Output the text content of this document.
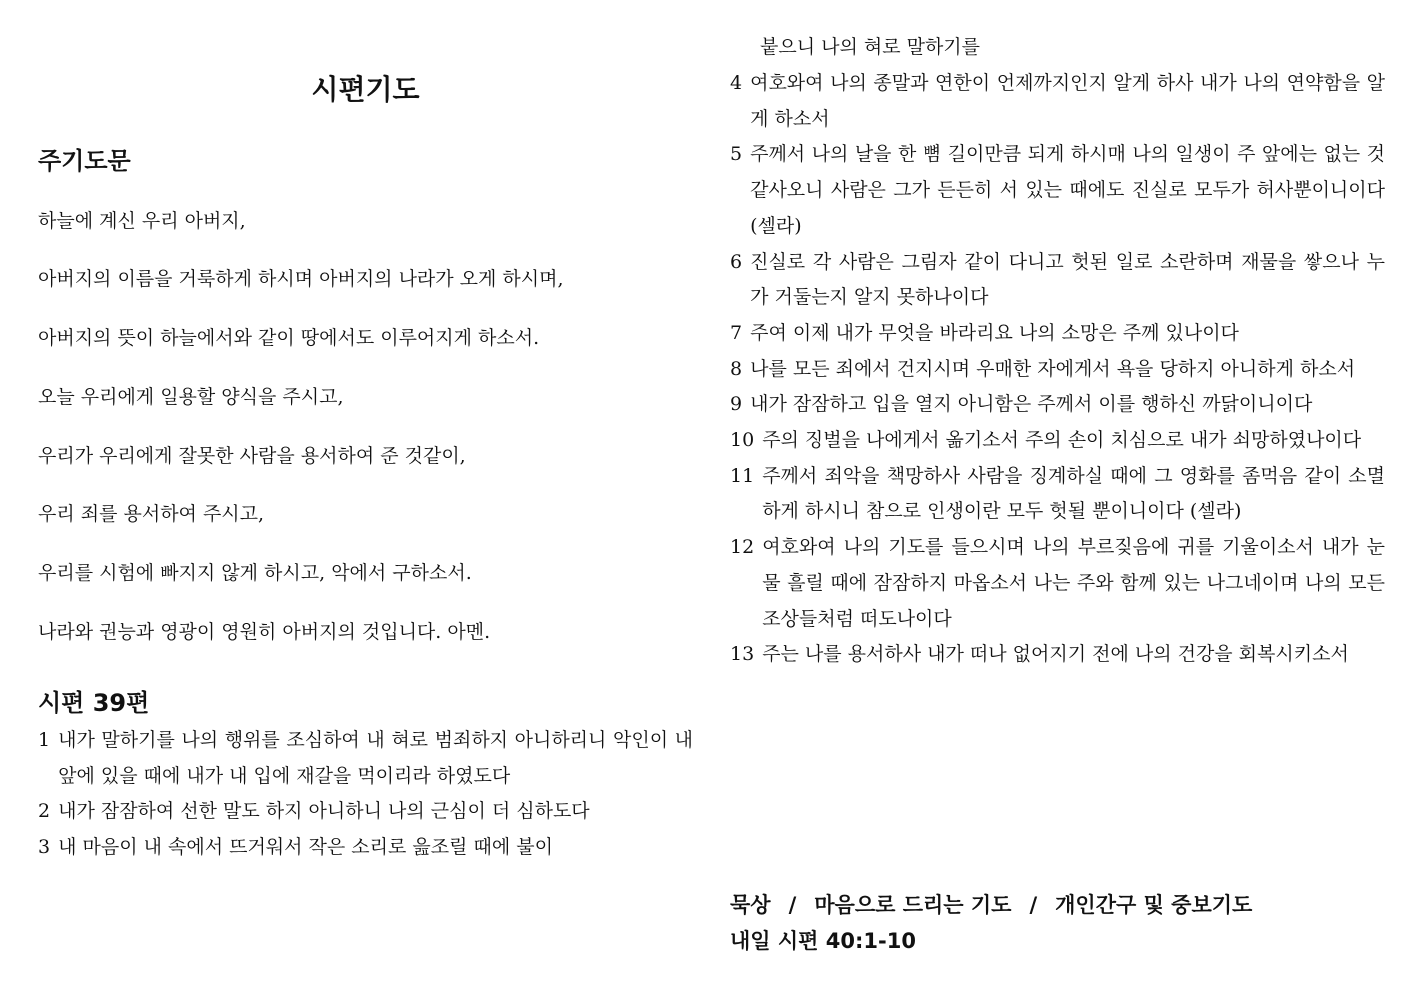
시편기도
주기도문
하늘에 계신 우리 아버지,
아버지의 이름을 거룩하게 하시며 아버지의 나라가 오게 하시며,
아버지의 뜻이 하늘에서와 같이 땅에서도 이루어지게 하소서.
오늘 우리에게 일용할 양식을 주시고,
우리가 우리에게 잘못한 사람을 용서하여 준 것같이,
우리 죄를 용서하여 주시고,
우리를 시험에 빠지지 않게 하시고, 악에서 구하소서.
나라와 권능과 영광이 영원히 아버지의 것입니다. 아멘.
시편 39편
1 내가 말하기를 나의 행위를 조심하여 내 혀로 범죄하지 아니하리니 악인이 내 앞에 있을 때에 내가 내 입에 재갈을 먹이리라 하였도다
2 내가 잠잠하여 선한 말도 하지 아니하니 나의 근심이 더 심하도다
3 내 마음이 내 속에서 뜨거워서 작은 소리로 읊조릴 때에 불이
붙으니 나의 혀로 말하기를
4 여호와여 나의 종말과 연한이 언제까지인지 알게 하사 내가 나의 연약함을 알게 하소서
5 주께서 나의 날을 한 뼘 길이만큼 되게 하시매 나의 일생이 주 앞에는 없는 것 같사오니 사람은 그가 든든히 서 있는 때에도 진실로 모두가 허사뿐이니이다 (셀라)
6 진실로 각 사람은 그림자 같이 다니고 헛된 일로 소란하며 재물을 쌓으나 누가 거둘는지 알지 못하나이다
7 주여 이제 내가 무엇을 바라리요 나의 소망은 주께 있나이다
8 나를 모든 죄에서 건지시며 우매한 자에게서 욕을 당하지 아니하게 하소서
9 내가 잠잠하고 입을 열지 아니함은 주께서 이를 행하신 까닭이니이다
10 주의 징벌을 나에게서 옮기소서 주의 손이 치심으로 내가 쇠망하였나이다
11 주께서 죄악을 책망하사 사람을 징계하실 때에 그 영화를 좀먹음 같이 소멸하게 하시니 참으로 인생이란 모두 헛될 뿐이니이다 (셀라)
12 여호와여 나의 기도를 들으시며 나의 부르짖음에 귀를 기울이소서 내가 눈물 흘릴 때에 잠잠하지 마옵소서 나는 주와 함께 있는 나그네이며 나의 모든 조상들처럼 떠도나이다
13 주는 나를 용서하사 내가 떠나 없어지기 전에 나의 건강을 회복시키소서
묵상 / 마음으로 드리는 기도 / 개인간구 및 중보기도
내일 시편 40:1-10
